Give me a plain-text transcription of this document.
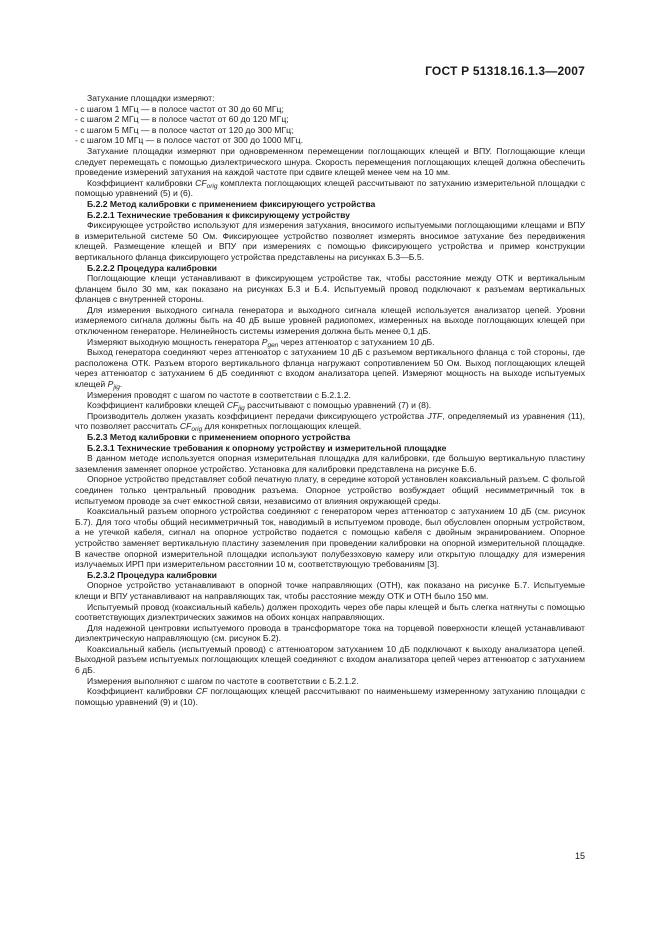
ГОСТ Р 51318.16.1.3—2007

Затухание площадки измеряют:

- с шагом 1 МГц — в полосе частот от 30 до 60 МГц;

- с шагом 2 МГц — в полосе частот от 60 до 120 МГц;

- с шагом 5 МГц — в полосе частот от 120 до 300 МГц;

- с шагом 10 МГц — в полосе частот от 300 до 1000 МГц.

Затухание площадки измеряют при одновременном перемещении поглощающих клещей и ВПУ. Поглощающие клещи следует перемещать с помощью диэлектрического шнура. Скорость перемещения поглощающих клещей должна обеспечить проведение измерений затухания на каждой частоте при сдвиге клещей менее чем на 10 мм.

Коэффициент калибровки $CF_{orig}$ комплекта поглощающих клещей рассчитывают по затуханию измерительной площадки с помощью уравнений (5) и (6).

Б.2.2 Метод калибровки с применением фиксирующего устройства

Б.2.2.1 Технические требования к фиксирующему устройству

Фиксирующее устройство используют для измерения затухания, вносимого испытуемыми поглощающими клещами и ВПУ в измерительной системе 50 Ом. Фиксирующее устройство позволяет измерять вносимое затухание без передвижения клещей. Размещение клещей и ВПУ при измерениях с помощью фиксирующего устройства и пример конструкции вертикального фланца фиксирующего устройства представлены на рисунках Б.3—Б.5.

Б.2.2.2 Процедура калибровки

Поглощающие клещи устанавливают в фиксирующем устройстве так, чтобы расстояние между ОТК и вертикальным фланцем было 30 мм, как показано на рисунках Б.3 и Б.4. Испытуемый провод подключают к разъемам вертикальных фланцев с внутренней стороны.

Для измерения выходного сигнала генератора и выходного сигнала клещей используется анализатор цепей. Уровни измеряемого сигнала должны быть на 40 дБ выше уровней радиопомех, измеренных на выходе поглощающих клещей при отключенном генераторе. Нелинейность системы измерения должна быть менее 0,1 дБ.

Измеряют выходную мощность генератора $P_{gen}$ через аттенюатор с затуханием 10 дБ.

Выход генератора соединяют через аттенюатор с затуханием 10 дБ с разъемом вертикального фланца с той стороны, где расположена ОТК. Разъем второго вертикального фланца нагружают сопротивлением 50 Ом. Выход поглощающих клещей через аттенюатор с затуханием 6 дБ соединяют с входом анализатора цепей. Измеряют мощность на выходе испытуемых клещей $P_{jig}$.

Измерения проводят с шагом по частоте в соответствии с Б.2.1.2.

Коэффициент калибровки клещей $CF_{jig}$ рассчитывают с помощью уравнений (7) и (8).

Производитель должен указать коэффициент передачи фиксирующего устройства JTF, определяемый из уравнения (11), что позволяет рассчитать $CF_{orig}$ для конкретных поглощающих клещей.

Б.2.3 Метод калибровки с применением опорного устройства

Б.2.3.1 Технические требования к опорному устройству и измерительной площадке

В данном методе используется опорная измерительная площадка для калибровки, где большую вертикальную пластину заземления заменяет опорное устройство. Установка для калибровки представлена на рисунке Б.6.

Опорное устройство представляет собой печатную плату, в середине которой установлен коаксиальный разъем. С фольгой соединен только центральный проводник разъема. Опорное устройство возбуждает общий несимметричный ток в испытуемом проводе за счет емкостной связи, независимо от влияния окружающей среды.

Коаксиальный разъем опорного устройства соединяют с генератором через аттенюатор с затуханием 10 дБ (см. рисунок Б.7). Для того чтобы общий несимметричный ток, наводимый в испытуемом проводе, был обусловлен опорным устройством, а не утечкой кабеля, сигнал на опорное устройство подается с помощью кабеля с двойным экранированием. Опорное устройство заменяет вертикальную пластину заземления при проведении калибровки на опорной измерительной площадке. В качестве опорной измерительной площадки используют полубезэховую камеру или открытую площадку для измерения излучаемых ИРП при измерительном расстоянии 10 м, соответствующую требованиям [3].

Б.2.3.2 Процедура калибровки

Опорное устройство устанавливают в опорной точке направляющих (ОТН), как показано на рисунке Б.7. Испытуемые клещи и ВПУ устанавливают на направляющих так, чтобы расстояние между ОТК и ОТН было 150 мм.

Испытуемый провод (коаксиальный кабель) должен проходить через обе пары клещей и быть слегка натянуты с помощью соответствующих диэлектрических зажимов на обоих концах направляющих.

Для надежной центровки испытуемого провода в трансформаторе тока на торцевой поверхности клещей устанавливают диэлектрическую направляющую (см. рисунок Б.2).

Коаксиальный кабель (испытуемый провод) с аттенюатором затуханием 10 дБ подключают к выходу анализатора цепей. Выходной разъем испытуемых поглощающих клещей соединяют с входом анализатора цепей через аттенюатор с затуханием 6 дБ.

Измерения выполняют с шагом по частоте в соответствии с Б.2.1.2.

Коэффициент калибровки CF поглощающих клещей рассчитывают по наименьшему измеренному затуханию площадки с помощью уравнений (9) и (10).

15
